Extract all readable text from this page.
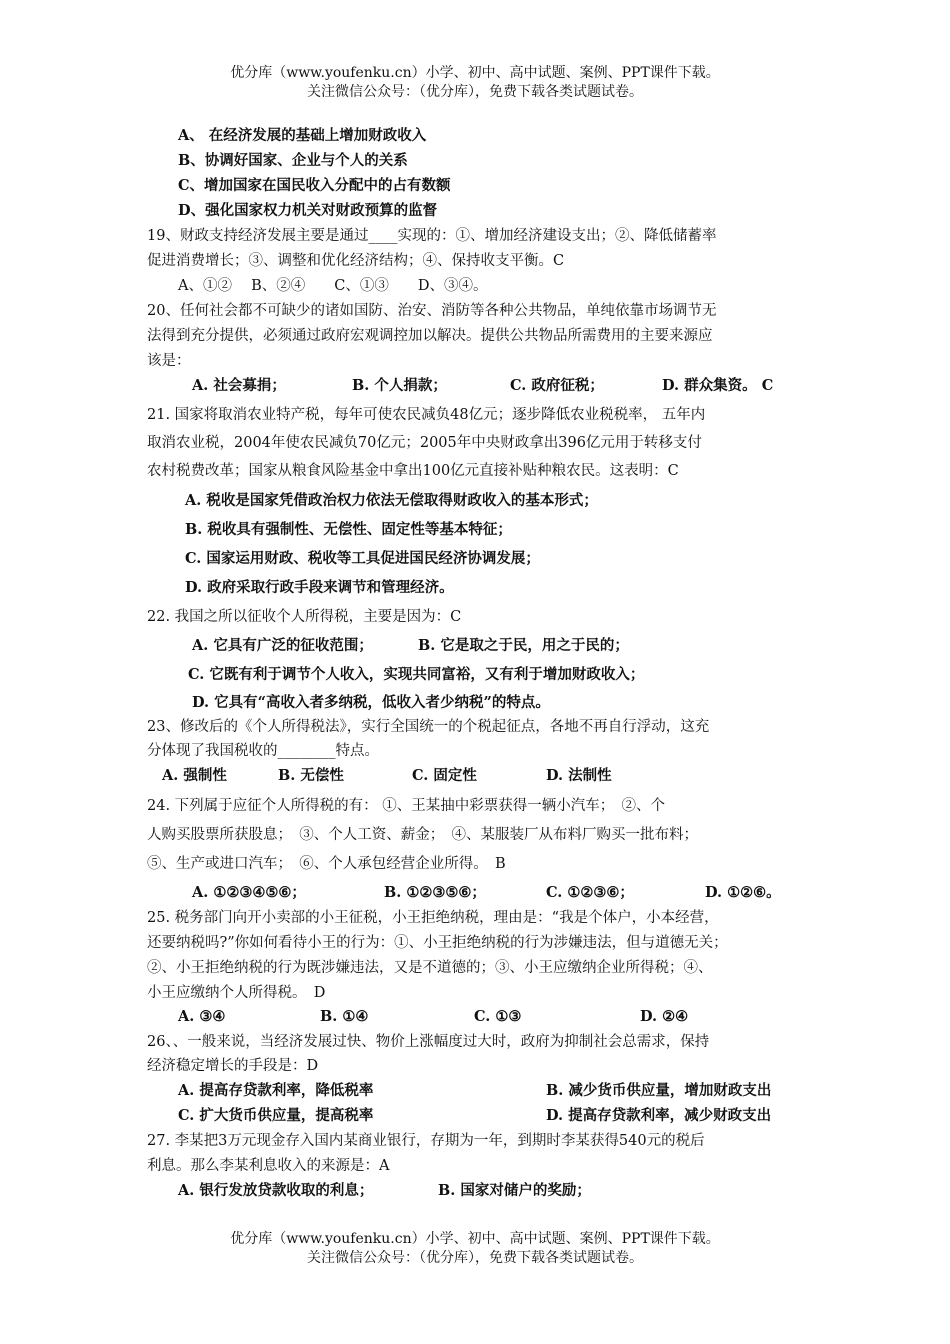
优分库（www.youfenku.cn）小学、初中、高中试题、案例、PPT课件下载。
关注微信公众号：（优分库），免费下载各类试题试卷。
A、 在经济发展的基础上增加财政收入
B、协调好国家、企业与个人的关系
C、增加国家在国民收入分配中的占有数额
D、强化国家权力机关对财政预算的监督
19、财政支持经济发展主要是通过____实现的：①、增加经济建设支出；②、降低储蓄率
促进消费增长；③、调整和优化经济结构；④、保持收支平衡。C
A、①②　 B、②④　　C、①③　　D、③④。
20、任何社会都不可缺少的诸如国防、治安、消防等各种公共物品，单纯依靠市场调节无
法得到充分提供，必须通过政府宏观调控加以解决。提供公共物品所需费用的主要来源应
该是：
A. 社会募捐；	B. 个人捐款；	C. 政府征税；	D. 群众集资。 C
21. 国家将取消农业特产税，每年可使农民减负48亿元；逐步降低农业税税率， 五年内
取消农业税，2004年使农民减负70亿元；2005年中央财政拿出396亿元用于转移支付
农村税费改革；国家从粮食风险基金中拿出100亿元直接补贴种粮农民。这表明：C
A. 税收是国家凭借政治权力依法无偿取得财政收入的基本形式；
B. 税收具有强制性、无偿性、固定性等基本特征；
C. 国家运用财政、税收等工具促进国民经济协调发展；
D. 政府采取行政手段来调节和管理经济。
22. 我国之所以征收个人所得税，主要是因为：C
A. 它具有广泛的征收范围；	B. 它是取之于民，用之于民的；
C. 它既有利于调节个人收入，实现共同富裕，又有利于增加财政收入；
D. 它具有“高收入者多纳税，低收入者少纳税”的特点。
23、修改后的《个人所得税法》，实行全国统一的个税起征点，各地不再自行浮动，这充
分体现了我国税收的________特点。
A. 强制性	B. 无偿性	C. 固定性	D. 法制性
24. 下列属于应征个人所得税的有： ①、王某抽中彩票获得一辆小汽车；　②、个
人购买股票所获股息；　③、个人工资、薪金；　④、某服装厂从布料厂购买一批布料；
⑤、生产或进口汽车；　⑥、个人承包经营企业所得。　B
A. ①②③④⑤⑥；	B. ①②③⑤⑥；	C. ①②③⑥；	D. ①②⑥。
25. 税务部门向开小卖部的小王征税，小王拒绝纳税，理由是：“我是个体户，小本经营，
还要纳税吗?”你如何看待小王的行为：①、小王拒绝纳税的行为涉嫌违法，但与道德无关；
②、小王拒绝纳税的行为既涉嫌违法，又是不道德的；③、小王应缴纳企业所得税；④、
小王应缴纳个人所得税。　D
A. ③④	B. ①④	C. ①③	D. ②④
26、、一般来说，当经济发展过快、物价上涨幅度过大时，政府为抑制社会总需求，保持
经济稳定增长的手段是：D
A. 提高存贷款利率，降低税率	B. 减少货币供应量，增加财政支出
C. 扩大货币供应量，提高税率	D. 提高存贷款利率，减少财政支出
27. 李某把3万元现金存入国内某商业银行，存期为一年，到期时李某获得540元的税后
利息。那么李某利息收入的来源是：A
A. 银行发放贷款收取的利息；	B. 国家对储户的奖励；
优分库（www.youfenku.cn）小学、初中、高中试题、案例、PPT课件下载。
关注微信公众号：（优分库），免费下载各类试题试卷。
